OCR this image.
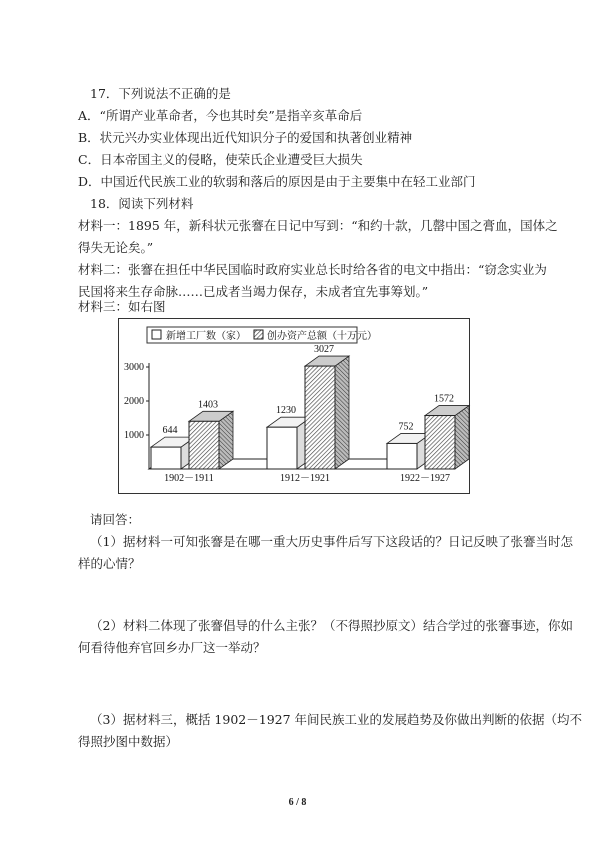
17．下列说法不正确的是
A．“所谓产业革命者，今也其时矣”是指辛亥革命后
B．状元兴办实业体现出近代知识分子的爱国和执著创业精神
C．日本帝国主义的侵略，使荣氏企业遭受巨大损失
D．中国近代民族工业的软弱和落后的原因是由于主要集中在轻工业部门
18．阅读下列材料
材料一：1895 年，新科状元张謇在日记中写到：“和约十款，几罄中国之膏血，国体之
得失无论矣。”
材料二：张謇在担任中华民国临时政府实业总长时给各省的电文中指出：“窃念实业为
民国将来生存命脉……已成者当竭力保存，未成者宜先事筹划。”
材料三：如右图
新增工厂数（家） 创办资产总额（十万元）
3000
2000
1000 644
1403
1902－1911
1230
3027
1912－1921
752
1572
1922－1927
请回答：
（1）据材料一可知张謇是在哪一重大历史事件后写下这段话的？日记反映了张謇当时怎
样的心情？
（2）材料二体现了张謇倡导的什么主张？（不得照抄原文）结合学过的张謇事迹，你如
何看待他弃官回乡办厂这一举动？
（3）据材料三，概括 1902－1927 年间民族工业的发展趋势及你做出判断的依据（均不
得照抄图中数据）
6 / 8
